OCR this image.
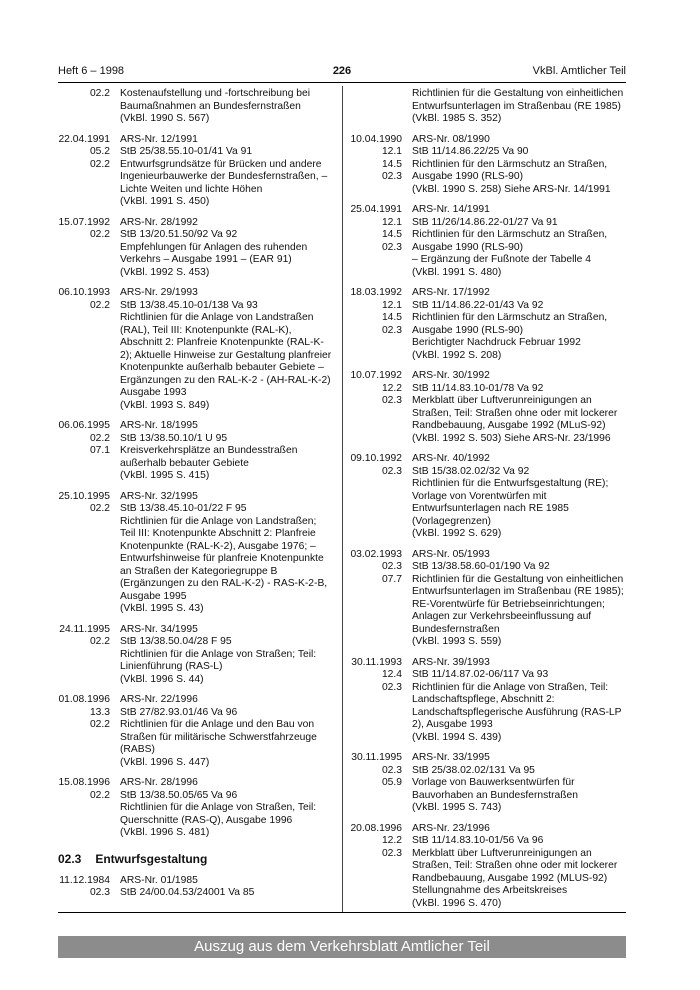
Heft 6 – 1998	226	VkBl. Amtlicher Teil
02.2 Kostenaufstellung und -fortschreibung bei Baumaßnahmen an Bundesfernstraßen
(VkBl. 1990 S. 567)
22.04.1991
05.2
02.2
ARS-Nr. 12/1991
StB 25/38.55.10-01/41 Va 91
Entwurfsgrundsätze für Brücken und andere Ingenieurbauwerke der Bundesfernstraßen, – Lichte Weiten und lichte Höhen
(VkBl. 1991 S. 450)
15.07.1992
02.2
ARS-Nr. 28/1992
StB 13/20.51.50/92 Va 92
Empfehlungen für Anlagen des ruhenden Verkehrs – Ausgabe 1991 – (EAR 91)
(VkBl. 1992 S. 453)
06.10.1993
02.2
ARS-Nr. 29/1993
StB 13/38.45.10-01/138 Va 93
Richtlinien für die Anlage von Landstraßen (RAL), Teil III: Knotenpunkte (RAL-K), Abschnitt 2: Planfreie Knotenpunkte (RAL-K-2); Aktuelle Hinweise zur Gestaltung planfreier Knotenpunkte außerhalb bebauter Gebiete – Ergänzungen zu den RAL-K-2 - (AH-RAL-K-2) Ausgabe 1993
(VkBl. 1993 S. 849)
06.06.1995
02.2
07.1
ARS-Nr. 18/1995
StB 13/38.50.10/1 U 95
Kreisverkehrsplätze an Bundesstraßen außerhalb bebauter Gebiete
(VkBl. 1995 S. 415)
25.10.1995
02.2
ARS-Nr. 32/1995
StB 13/38.45.10-01/22 F 95
Richtlinien für die Anlage von Landstraßen; Teil III: Knotenpunkte Abschnitt 2: Planfreie Knotenpunkte (RAL-K-2), Ausgabe 1976; – Entwurfshinweise für planfreie Knotenpunkte an Straßen der Kategoriegruppe B (Ergänzungen zu den RAL-K-2) - RAS-K-2-B, Ausgabe 1995
(VkBl. 1995 S. 43)
24.11.1995
02.2
ARS-Nr. 34/1995
StB 13/38.50.04/28 F 95
Richtlinien für die Anlage von Straßen; Teil: Linienführung (RAS-L)
(VkBl. 1996 S. 44)
01.08.1996
13.3
02.2
ARS-Nr. 22/1996
StB 27/82.93.01/46 Va 96
Richtlinien für die Anlage und den Bau von Straßen für militärische Schwerstfahrzeuge (RABS)
(VkBl. 1996 S. 447)
15.08.1996
02.2
ARS-Nr. 28/1996
StB 13/38.50.05/65 Va 96
Richtlinien für die Anlage von Straßen, Teil: Querschnitte (RAS-Q), Ausgabe 1996
(VkBl. 1996 S. 481)
02.3 Entwurfsgestaltung
11.12.1984
02.3
ARS-Nr. 01/1985
StB 24/00.04.53/24001 Va 85
Richtlinien für die Gestaltung von einheitlichen Entwurfsunterlagen im Straßenbau (RE 1985)
(VkBl. 1985 S. 352)
10.04.1990
12.1
14.5
02.3
ARS-Nr. 08/1990
StB 11/14.86.22/25 Va 90
Richtlinien für den Lärmschutz an Straßen, Ausgabe 1990 (RLS-90)
(VkBl. 1990 S. 258) Siehe ARS-Nr. 14/1991
25.04.1991
12.1
14.5
02.3
ARS-Nr. 14/1991
StB 11/26/14.86.22-01/27 Va 91
Richtlinien für den Lärmschutz an Straßen, Ausgabe 1990 (RLS-90)
– Ergänzung der Fußnote der Tabelle 4
(VkBl. 1991 S. 480)
18.03.1992
12.1
14.5
02.3
ARS-Nr. 17/1992
StB 11/14.86.22-01/43 Va 92
Richtlinien für den Lärmschutz an Straßen, Ausgabe 1990 (RLS-90)
Berichtigter Nachdruck Februar 1992
(VkBl. 1992 S. 208)
10.07.1992
12.2
02.3
ARS-Nr. 30/1992
StB 11/14.83.10-01/78 Va 92
Merkblatt über Luftverunreinigungen an Straßen, Teil: Straßen ohne oder mit lockerer Randbebauung, Ausgabe 1992 (MLuS-92)
(VkBl. 1992 S. 503) Siehe ARS-Nr. 23/1996
09.10.1992
02.3
ARS-Nr. 40/1992
StB 15/38.02.02/32 Va 92
Richtlinien für die Entwurfsgestaltung (RE); Vorlage von Vorentwürfen mit Entwurfsunterlagen nach RE 1985 (Vorlagegrenzen)
(VkBl. 1992 S. 629)
03.02.1993
02.3
07.7
ARS-Nr. 05/1993
StB 13/38.58.60-01/190 Va 92
Richtlinien für die Gestaltung von einheitlichen Entwurfsunterlagen im Straßenbau (RE 1985); RE-Vorentwürfe für Betriebseinrichtungen; Anlagen zur Verkehrsbeeinflussung auf Bundesfernstraßen
(VkBl. 1993 S. 559)
30.11.1993
12.4
02.3
ARS-Nr. 39/1993
StB 11/14.87.02-06/117 Va 93
Richtlinien für die Anlage von Straßen, Teil: Landschaftspflege, Abschnitt 2: Landschaftspflegerische Ausführung (RAS-LP 2), Ausgabe 1993
(VkBl. 1994 S. 439)
30.11.1995
02.3
05.9
ARS-Nr. 33/1995
StB 25/38.02.02/131 Va 95
Vorlage von Bauwerksentwürfen für Bauvorhaben an Bundesfernstraßen
(VkBl. 1995 S. 743)
20.08.1996
12.2
02.3
ARS-Nr. 23/1996
StB 11/14.83.10-01/56 Va 96
Merkblatt über Luftverunreinigungen an Straßen, Teil: Straßen ohne oder mit lockerer Randbebauung, Ausgabe 1992 (MLUS-92)
Stellungnahme des Arbeitskreises
(VkBl. 1996 S. 470)
Auszug aus dem Verkehrsblatt Amtlicher Teil
